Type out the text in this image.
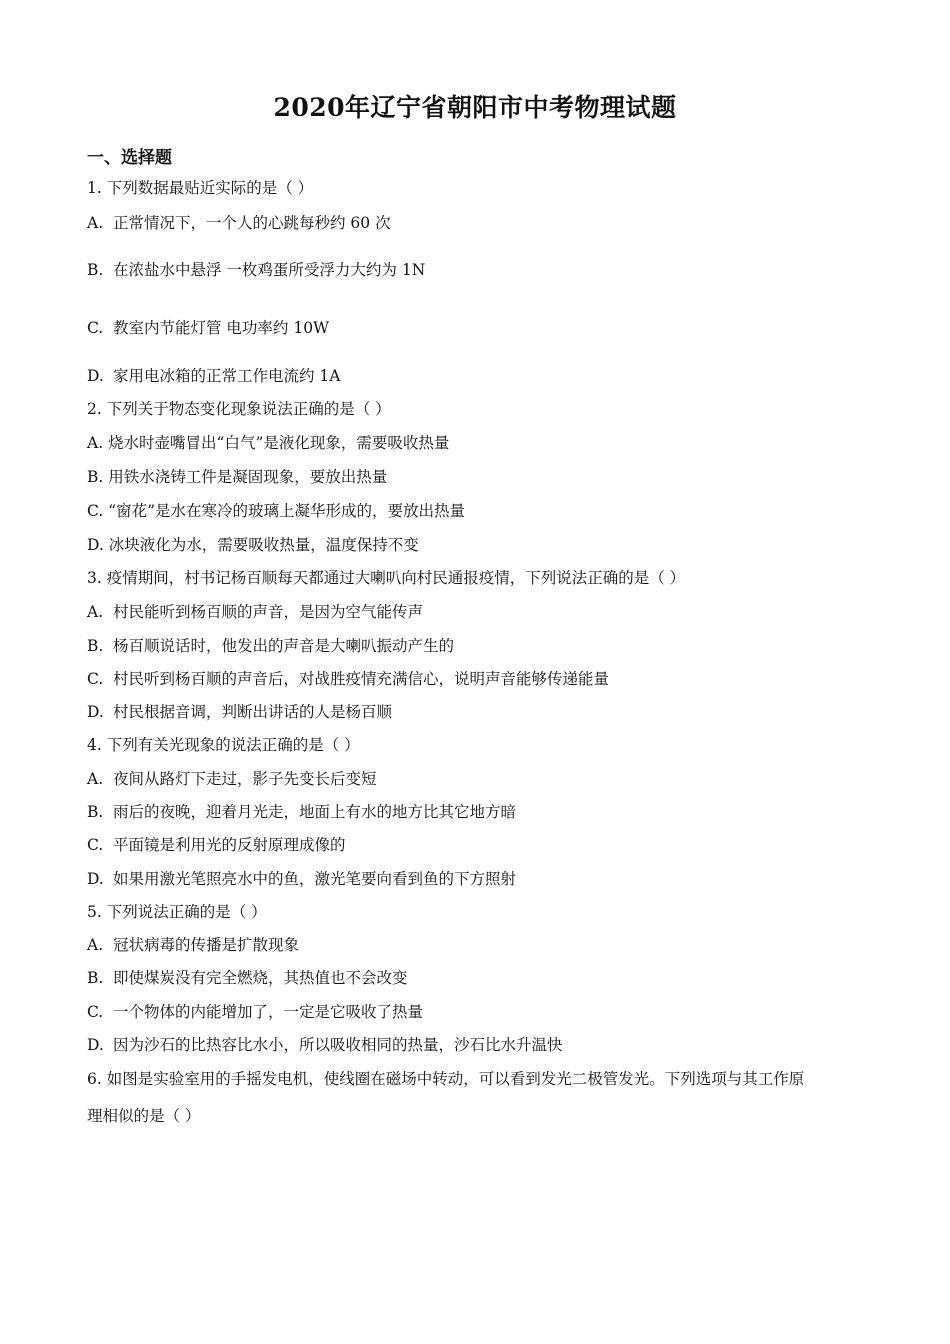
2020年辽宁省朝阳市中考物理试题
一、选择题
1. 下列数据最贴近实际的是（ ）
A. 正常情况下，一个人的心跳每秒约 60 次
B. 在浓盐水中悬浮 一枚鸡蛋所受浮力大约为 1N
C. 教室内节能灯管 电功率约 10W
D. 家用电冰箱的正常工作电流约 1A
2. 下列关于物态变化现象说法正确的是（ ）
A. 烧水时壶嘴冒出“白气”是液化现象，需要吸收热量
B. 用铁水浇铸工件是凝固现象，要放出热量
C. “窗花”是水在寒冷的玻璃上凝华形成的，要放出热量
D. 冰块液化为水，需要吸收热量，温度保持不变
3. 疫情期间，村书记杨百顺每天都通过大喇叭向村民通报疫情，下列说法正确的是（ ）
A. 村民能听到杨百顺的声音，是因为空气能传声
B. 杨百顺说话时，他发出的声音是大喇叭振动产生的
C. 村民听到杨百顺的声音后，对战胜疫情充满信心，说明声音能够传递能量
D. 村民根据音调，判断出讲话的人是杨百顺
4. 下列有关光现象的说法正确的是（ ）
A. 夜间从路灯下走过，影子先变长后变短
B. 雨后的夜晚，迎着月光走，地面上有水的地方比其它地方暗
C. 平面镜是利用光的反射原理成像的
D. 如果用激光笔照亮水中的鱼，激光笔要向看到鱼的下方照射
5. 下列说法正确的是（ ）
A. 冠状病毒的传播是扩散现象
B. 即使煤炭没有完全燃烧，其热值也不会改变
C. 一个物体的内能增加了，一定是它吸收了热量
D. 因为沙石的比热容比水小，所以吸收相同的热量，沙石比水升温快
6. 如图是实验室用的手摇发电机，使线圈在磁场中转动，可以看到发光二极管发光。下列选项与其工作原
理相似的是（ ）
